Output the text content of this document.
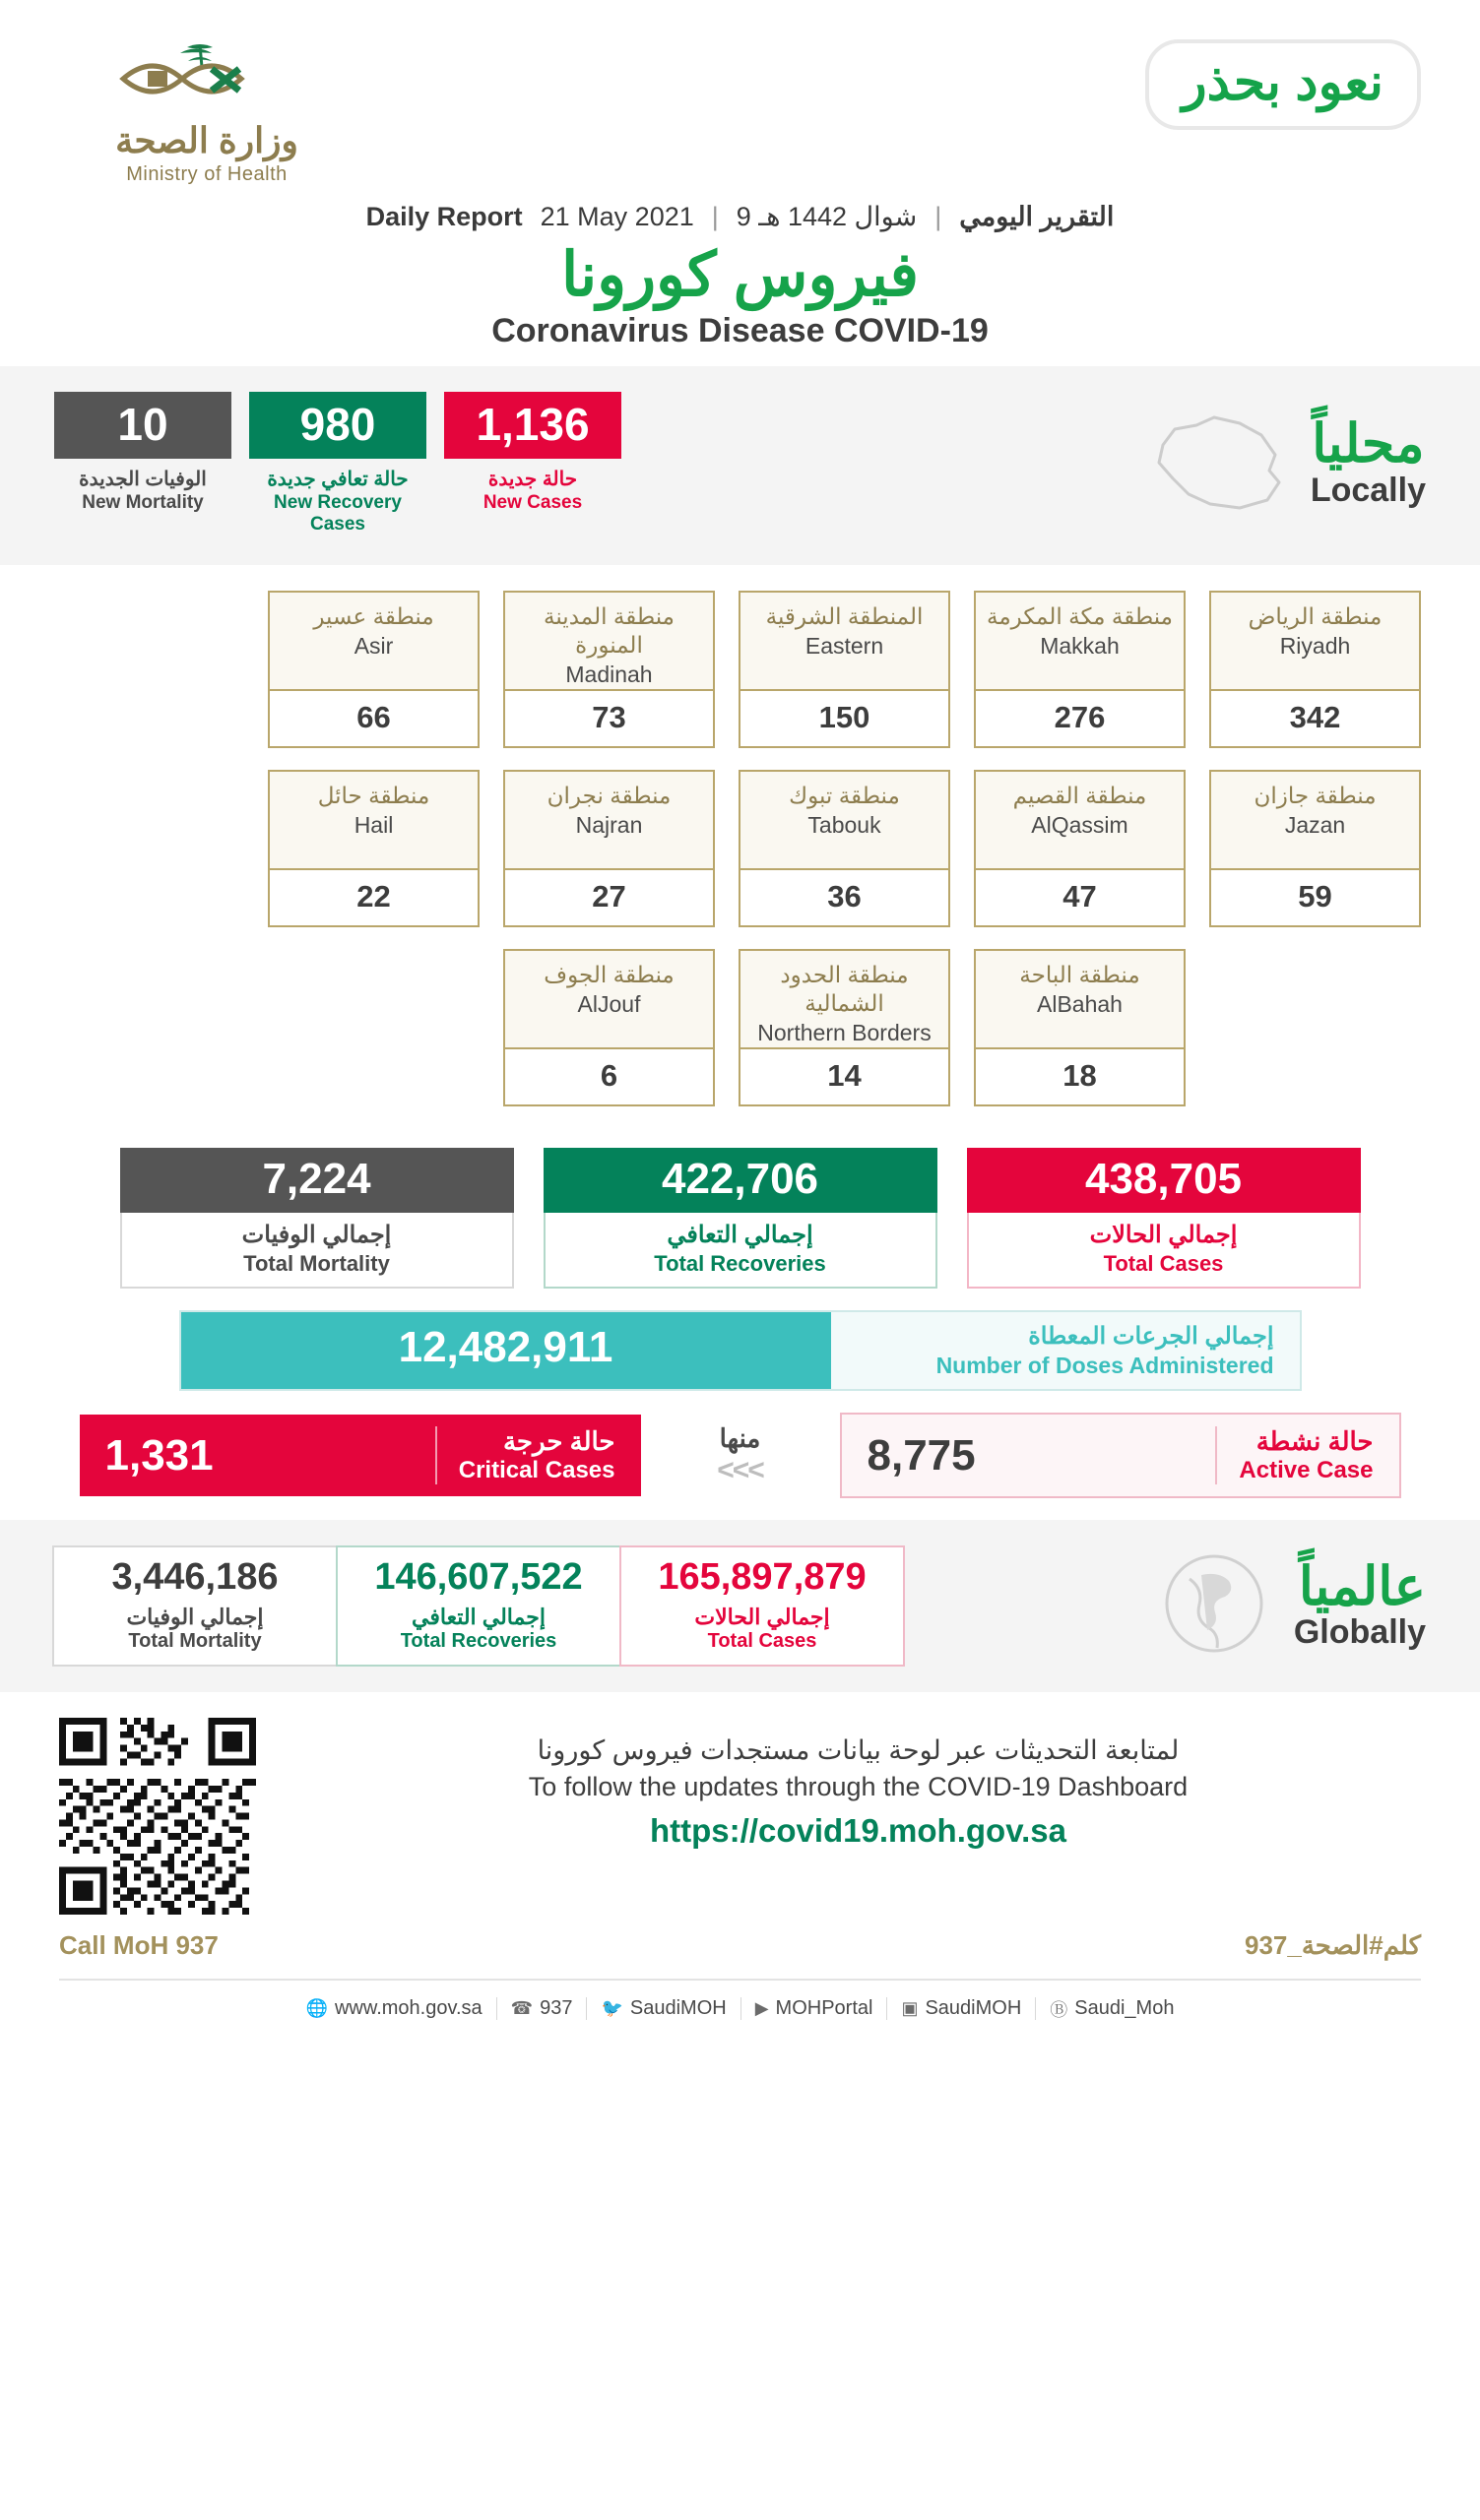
وزارة الصحة
Ministry of Health
نعود بحذر
Daily Report 21 May 2021 | 9 شوال 1442 هـ | التقرير اليومي
فيروس كورونا
Coronavirus Disease COVID-19
10
الوفيات الجديدة
New Mortality
980
حالة تعافي جديدة
New Recovery Cases
1,136
حالة جديدة
New Cases
محلياً
Locally
منطقة عسير
Asir
66
منطقة المدينة المنورة
Madinah
73
المنطقة الشرقية
Eastern
150
منطقة مكة المكرمة
Makkah
276
منطقة الرياض
Riyadh
342
منطقة حائل
Hail
22
منطقة نجران
Najran
27
منطقة تبوك
Tabouk
36
منطقة القصيم
AlQassim
47
منطقة جازان
Jazan
59
منطقة الجوف
AlJouf
6
منطقة الحدود الشمالية
Northern Borders
14
منطقة الباحة
AlBahah
18
7,224
إجمالي الوفيات
Total Mortality
422,706
إجمالي التعافي
Total Recoveries
438,705
إجمالي الحالات
Total Cases
12,482,911	إجمالي الجرعات المعطاة
Number of Doses Administered
1,331	حالة حرجة
Critical Cases
منها
<<<	8,775	حالة نشطة
Active Case
3,446,186
إجمالي الوفيات
Total Mortality
146,607,522
إجمالي التعافي
Total Recoveries
165,897,879
إجمالي الحالات
Total Cases
عالمياً
Globally
لمتابعة التحديثات عبر لوحة بيانات مستجدات فيروس كورونا
To follow the updates through the COVID-19 Dashboard
https://covid19.moh.gov.sa
Call MoH 937	كلم#الصحة_937
🌐 www.moh.gov.sa ☎ 937 🐦 SaudiMOH ▶ MOHPortal ▣ SaudiMOH Ⓑ Saudi_Moh
